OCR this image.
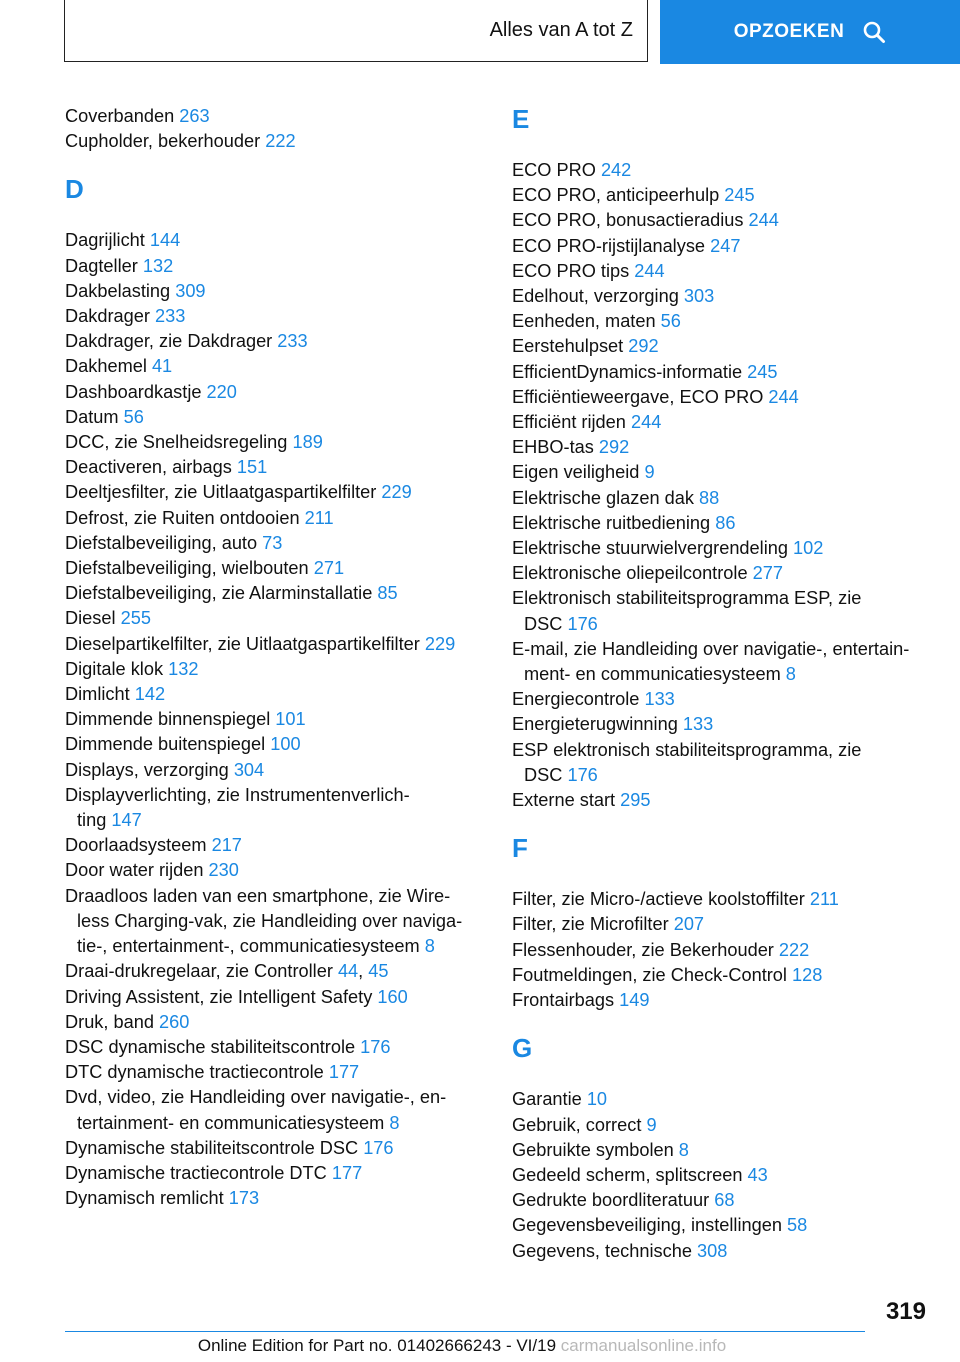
Alles van A tot Z	OPZOEKEN
Coverbanden 263
Cupholder, bekerhouder 222
D
Dagrijlicht 144
Dagteller 132
Dakbelasting 309
Dakdrager 233
Dakdrager, zie Dakdrager 233
Dakhemel 41
Dashboardkastje 220
Datum 56
DCC, zie Snelheidsregeling 189
Deactiveren, airbags 151
Deeltjesfilter, zie Uitlaatgaspartikelfilter 229
Defrost, zie Ruiten ontdooien 211
Diefstalbeveiliging, auto 73
Diefstalbeveiliging, wielbouten 271
Diefstalbeveiliging, zie Alarminstallatie 85
Diesel 255
Dieselpartikelfilter, zie Uitlaatgaspartikelfilter 229
Digitale klok 132
Dimlicht 142
Dimmende binnenspiegel 101
Dimmende buitenspiegel 100
Displays, verzorging 304
Displayverlichting, zie Instrumentenverlich-
ting 147
Doorlaadsysteem 217
Door water rijden 230
Draadloos laden van een smartphone, zie Wire-
less Charging-vak, zie Handleiding over naviga-
tie-, entertainment-, communicatiesysteem 8
Draai-drukregelaar, zie Controller 44, 45
Driving Assistent, zie Intelligent Safety 160
Druk, band 260
DSC dynamische stabiliteitscontrole 176
DTC dynamische tractiecontrole 177
Dvd, video, zie Handleiding over navigatie-, en-
tertainment- en communicatiesysteem 8
Dynamische stabiliteitscontrole DSC 176
Dynamische tractiecontrole DTC 177
Dynamisch remlicht 173
E
ECO PRO 242
ECO PRO, anticipeerhulp 245
ECO PRO, bonusactieradius 244
ECO PRO-rijstijlanalyse 247
ECO PRO tips 244
Edelhout, verzorging 303
Eenheden, maten 56
Eerstehulpset 292
EfficientDynamics-informatie 245
Efficiëntieweergave, ECO PRO 244
Efficiënt rijden 244
EHBO-tas 292
Eigen veiligheid 9
Elektrische glazen dak 88
Elektrische ruitbediening 86
Elektrische stuurwielvergrendeling 102
Elektronische oliepeilcontrole 277
Elektronisch stabiliteitsprogramma ESP, zie
DSC 176
E-mail, zie Handleiding over navigatie-, entertain-
ment- en communicatiesysteem 8
Energiecontrole 133
Energieterugwinning 133
ESP elektronisch stabiliteitsprogramma, zie
DSC 176
Externe start 295
F
Filter, zie Micro-/actieve koolstoffilter 211
Filter, zie Microfilter 207
Flessenhouder, zie Bekerhouder 222
Foutmeldingen, zie Check-Control 128
Frontairbags 149
G
Garantie 10
Gebruik, correct 9
Gebruikte symbolen 8
Gedeeld scherm, splitscreen 43
Gedrukte boordliteratuur 68
Gegevensbeveiliging, instellingen 58
Gegevens, technische 308
319
Online Edition for Part no. 01402666243 - VI/19 carmanualsonline.info
